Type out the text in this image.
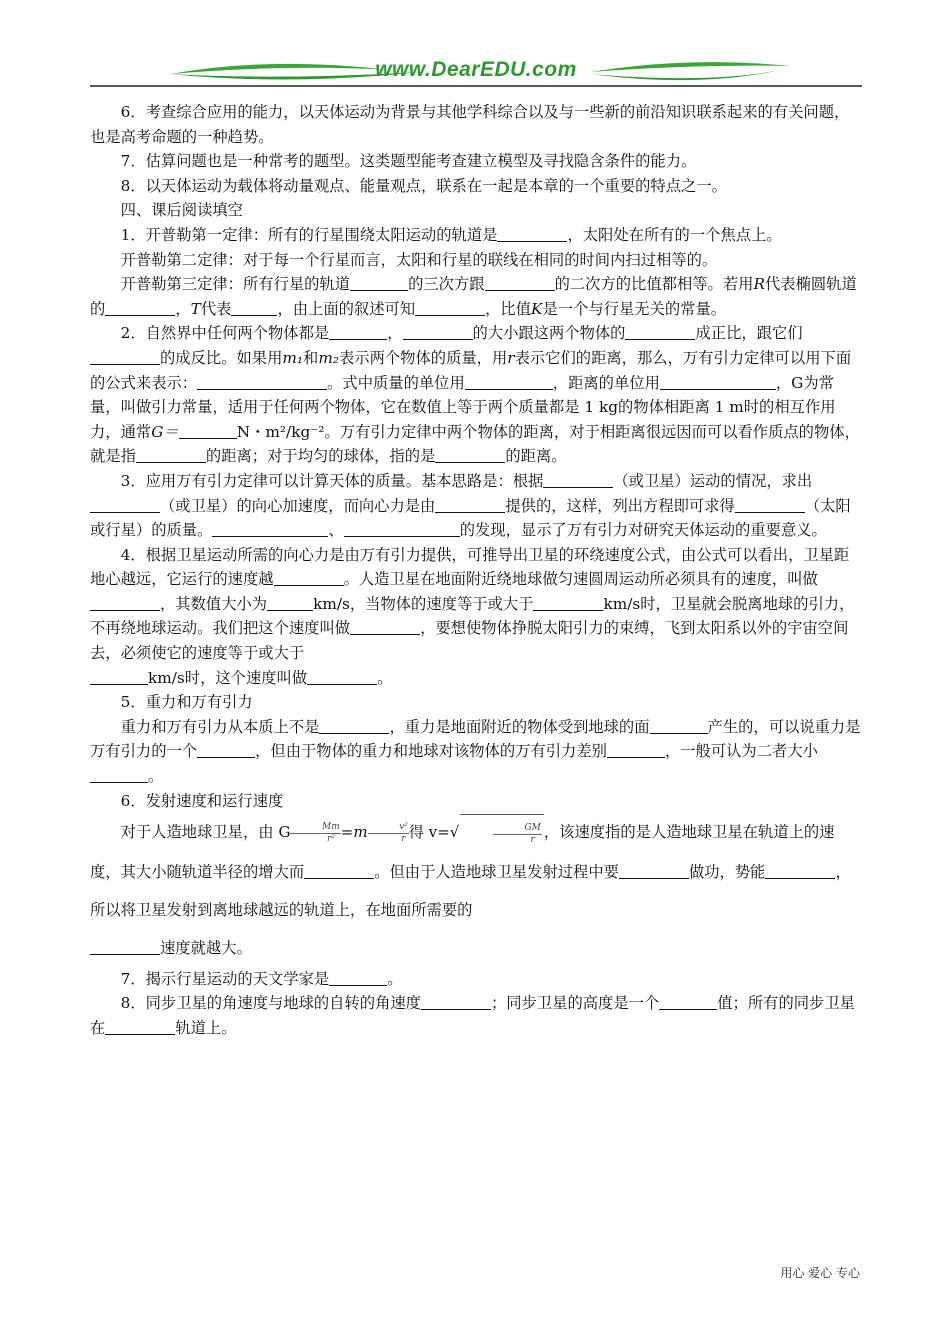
www.DearEDU.com

6．考查综合应用的能力，以天体运动为背景与其他学科综合以及与一些新的前沿知识联系起来的有关问题，也是高考命题的一种趋势。

7．估算问题也是一种常考的题型。这类题型能考查建立模型及寻找隐含条件的能力。

8．以天体运动为载体将动量观点、能量观点，联系在一起是本章的一个重要的特点之一。

四、课后阅读填空

1．开普勒第一定律：所有的行星围绕太阳运动的轨道是	，太阳处在所有的一个焦点上。

开普勒第二定律：对于每一个行星而言，太阳和行星的联线在相同的时间内扫过相等的。

开普勒第三定律：所有行星的轨道	的三次方跟	的二次方的比值都相等。若用R代表椭圆轨道的	，T代表	，由上面的叙述可知	，比值K是一个与行星无关的常量。

2．自然界中任何两个物体都是	，	的大小跟这两个物体的	成正比，跟它们的成反比。如果用m₁和m₂表示两个物体的质量，用r表示它们的距离，那么，万有引力定律可以用下面的公式来表示：	。式中质量的单位用	，距离的单位用	，G为常量，叫做引力常量，适用于任何两个物体，它在数值上等于两个质量都是 1 kg的物体相距离 1 m时的相互作用力，通常G＝	N・m²/kg⁻²。万有引力定律中两个物体的距离，对于相距离很远因而可以看作质点的物体，就是指	的距离；对于均匀的球体，指的是	的距离。

3．应用万有引力定律可以计算天体的质量。基本思路是：根据	（或卫星）运动的情况，求出（或卫星）的向心加速度，而向心力是由	提供的，这样，列出方程即可求得	（太阳或行星）的质量。	、	的发现，显示了万有引力对研究天体运动的重要意义。

4．根据卫星运动所需的向心力是由万有引力提供，可推导出卫星的环绕速度公式，由公式可以看出，卫星距地心越远，它运行的速度越	。人造卫星在地面附近绕地球做匀速圆周运动所必须具有的速度，叫做，其数值大小为	km/s，当物体的速度等于或大于	km/s时，卫星就会脱离地球的引力，不再绕地球运动。我们把这个速度叫做	，要想使物体挣脱太阳引力的束缚，飞到太阳系以外的宇宙空间去，必须使它的速度等于或大于
km/s时，这个速度叫做	。

5．重力和万有引力

重力和万有引力从本质上不是	，重力是地面附近的物体受到地球的面	产生的，可以说重力是万有引力的一个	，但由于物体的重力和地球对该物体的万有引力差别	，一般可认为二者大小。

6．发射速度和运行速度

对于人造地球卫星，由 G $\frac{Mm}{\text{r²}} =m \frac{\text{v²}}{r}$ 得 v=√	$\frac{GM}{r}$ ，该速度指的是人造地球卫星在轨道上的速度，其大小随轨道半径的增大而	。但由于人造地球卫星发射过程中要	做功，势能	，所以将卫星发射到离地球越远的轨道上，在地面所需要的
速度就越大。

7．揭示行星运动的天文学家是	。

8．同步卫星的角速度与地球的自转的角速度	；同步卫星的高度是一个	值；所有的同步卫星在	轨道上。

用心 爱心 专心
